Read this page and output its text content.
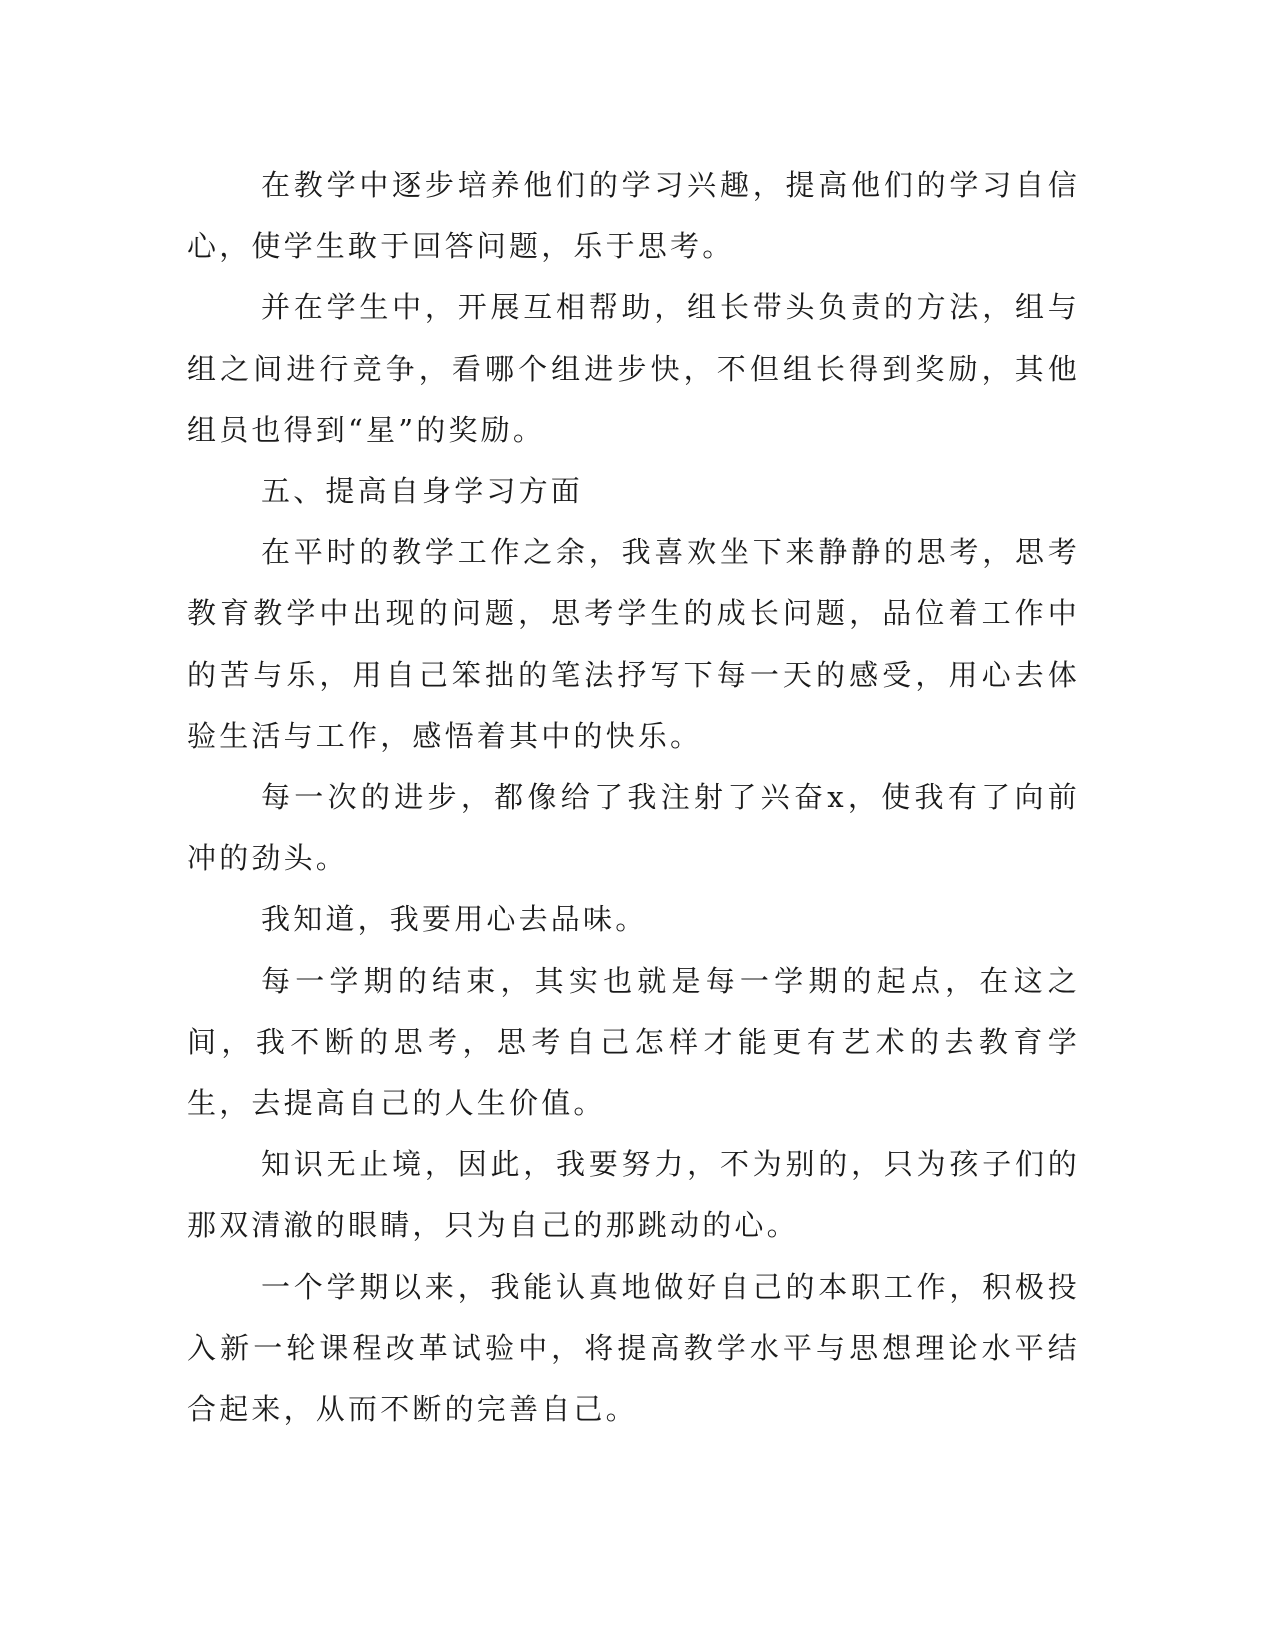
在教学中逐步培养他们的学习兴趣，提高他们的学习自信心，使学生敢于回答问题，乐于思考。

并在学生中，开展互相帮助，组长带头负责的方法，组与组之间进行竞争，看哪个组进步快，不但组长得到奖励，其他组员也得到“星”的奖励。

五、提高自身学习方面

在平时的教学工作之余，我喜欢坐下来静静的思考，思考教育教学中出现的问题，思考学生的成长问题，品位着工作中的苦与乐，用自己笨拙的笔法抒写下每一天的感受，用心去体验生活与工作，感悟着其中的快乐。

每一次的进步，都像给了我注射了兴奋x，使我有了向前冲的劲头。

我知道，我要用心去品味。

每一学期的结束，其实也就是每一学期的起点，在这之间，我不断的思考，思考自己怎样才能更有艺术的去教育学生，去提高自己的人生价值。

知识无止境，因此，我要努力，不为别的，只为孩子们的那双清澈的眼睛，只为自己的那跳动的心。

一个学期以来，我能认真地做好自己的本职工作，积极投入新一轮课程改革试验中，将提高教学水平与思想理论水平结合起来，从而不断的完善自己。
